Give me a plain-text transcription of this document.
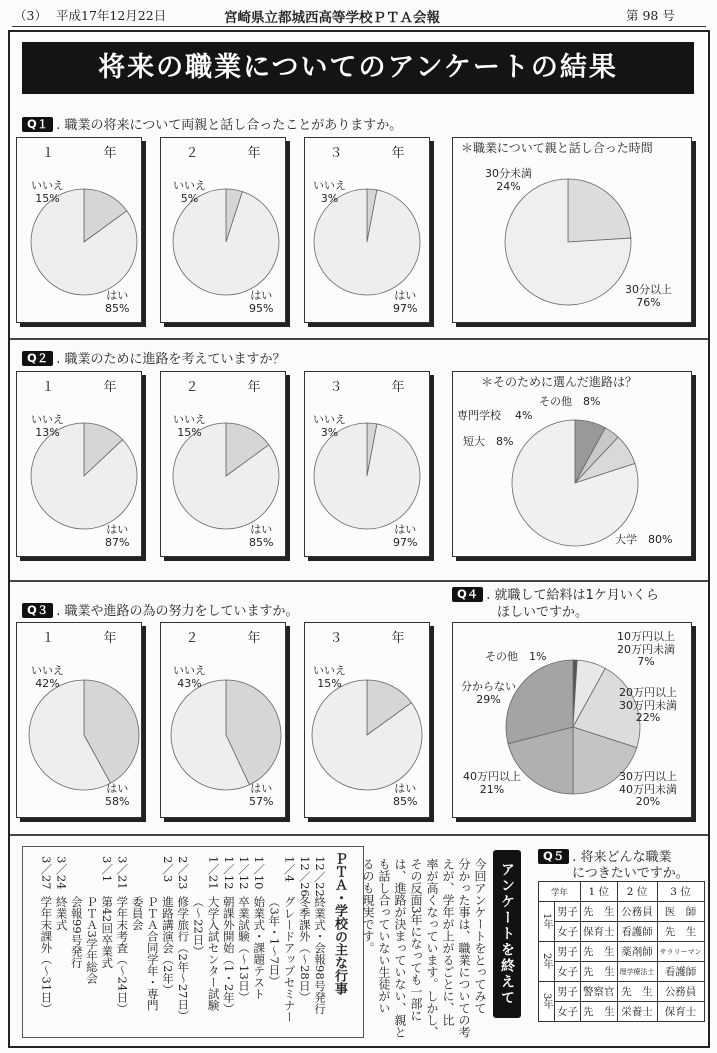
（3） 平成17年12月22日	宮崎県立都城西高等学校ＰＴＡ会報	第 98 号
将来の職業についてのアンケートの結果
Q１ . 職業の将来について両親と話し合ったことがありますか。
１　年
いいえ
15%
はい
85%
２　年
いいえ
5%
はい
95%
３　年
いいえ
3%
はい
97%
＊職業について親と話し合った時間
30分未満
24%
30分以上
76%
Q２ . 職業のために進路を考えていますか？
１　年
いいえ
13%
はい
87%
２　年
いいえ
15%
はい
85%
３　年
いいえ
3%
はい
97%
＊そのために選んだ進路は？
その他　8%
専門学校 4%
短大　8%
大学　80%
Q３ . 職業や進路の為の努力をしていますか。
１　年
いいえ
42%
はい
58%
２　年
いいえ
43%
はい
57%
３　年
いいえ
15%
はい
85%
Q４ . 就職して給料は1ケ月いくら
ほしいですか。
その他　1%
10万円以上
20万円未満
7%
20万円以上
30万円未満
22%
分からない
29%
40万円以上
21%
30万円以上
40万円未満
20%
ＰＴＡ・学校の主な行事
12／22終業式・会報98号発行
12／26冬季課外（〜28日）
1／4グレードアップセミナー
（3年・1〜7日）
1／10始業式・課題テスト
1／12卒業試験（〜13日）
1／12朝課外開始（1・2年）
1／21大学入試センター試験
（〜22日）
2／23修学旅行（2年〜27日）
2／3進路講演会（2年）
ＰＴＡ合同学年・専門
委員会
3／21学年末考査（〜24日）
3／1第42回卒業式
ＰＴＡ3学年総会
会報99号発行
3／24終業式
3／27学年末課外（〜31日）	今回アンケートをとってみて
分かった事は、職業についての考
えが、学年が上がるごとに、比
率が高くなっています。しかし、
その反面3年になっても一部に
は、進路が決まっていない、親と
も話し合っていない生徒がい
るのも現実です。	アンケートを終えて
Q５ . 将来どんな職業
につきたいですか。
学年		1 位	2 位	3 位
1年	男子	先　生	公務員	医　師
	女子	保育士	看護師	先　生
2年	男子	先　生	薬剤師	サラリーマン
	女子	先　生	理学療法士	看護師
3年	男子	警察官	先　生	公務員
	女子	先　生	栄養士	保育士
